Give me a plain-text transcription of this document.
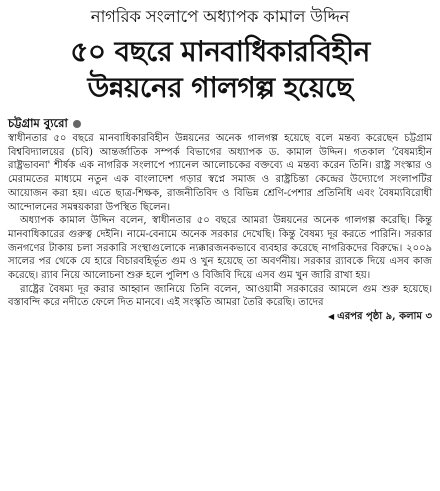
নাগরিক সংলাপে অধ্যাপক কামাল উদ্দিন
৫০ বছরে মানবাধিকারবিহীন
উন্নয়নের গালগল্প হয়েছে
চট্টগ্রাম ব্যুরো

স্বাধীনতার ৫০ বছরে মানবাধিকারবিহীন উন্নয়নের অনেক গালগল্প হয়েছে বলে মন্তব্য করেছেন চট্টগ্রাম বিশ্ববিদ্যালয়ের (চবি) আন্তর্জাতিক সম্পর্ক বিভাগের অধ্যাপক ড. কামাল উদ্দিন। গতকাল 'বৈষম্যহীন রাষ্ট্রভাবনা' শীর্ষক এক নাগরিক সংলাপে প্যানেল আলোচকের বক্তব্যে এ মন্তব্য করেন তিনি। রাষ্ট্র সংস্কার ও মেরামতের মাধ্যমে নতুন এক বাংলাদেশ গড়ার স্বপ্নে সমাজ ও রাষ্ট্রচিন্তা কেন্দ্রের উদ্যোগে সংলাপটির আয়োজন করা হয়। এতে ছাত্র-শিক্ষক, রাজনীতিবিদ ও বিভিন্ন শ্রেণি-পেশার প্রতিনিধি এবং বৈষম্যবিরোধী আন্দোলনের সমন্বয়কারা উপস্থিত ছিলেন।

অধ্যাপক কামাল উদ্দিন বলেন, স্বাধীনতার ৫০ বছরে আমরা উন্নয়নের অনেক গালগল্প করেছি। কিন্তু মানবাধিকারের গুরুত্ব দেইনি। নামে-বেনামে অনেক সরকার দেখেছি। কিন্তু বৈষম্য দূর করতে পারিনি। সরকার জনগণের টাকায় চলা সরকারি সংস্থাগুলোকে ন্যক্কারজনকভাবে ব্যবহার করেছে নাগরিকদের বিরুদ্ধে। ২০০৯ সালের পর থেকে যে হারে বিচারবহির্ভূত গুম ও খুন হয়েছে তা অবর্ণনীয়। সরকার র‍্যাবকে দিয়ে এসব কাজ করেছে। র‍্যাব নিয়ে আলোচনা শুরু হলে পুলিশ ও বিজিবি দিয়ে এসব গুম খুন জারি রাখা হয়।

রাষ্ট্রের বৈষম্য দূর করার আহ্বান জানিয়ে তিনি বলেন, আওয়ামী সরকারের আমলে গুম শুরু হয়েছে। বস্তাবন্দি করে নদীতে ফেলে দিত মানবে। এই সংস্কৃতি আমরা তৈরি করেছি। তাদের

◀ এরপর পৃষ্ঠা ৯, কলাম ৩
